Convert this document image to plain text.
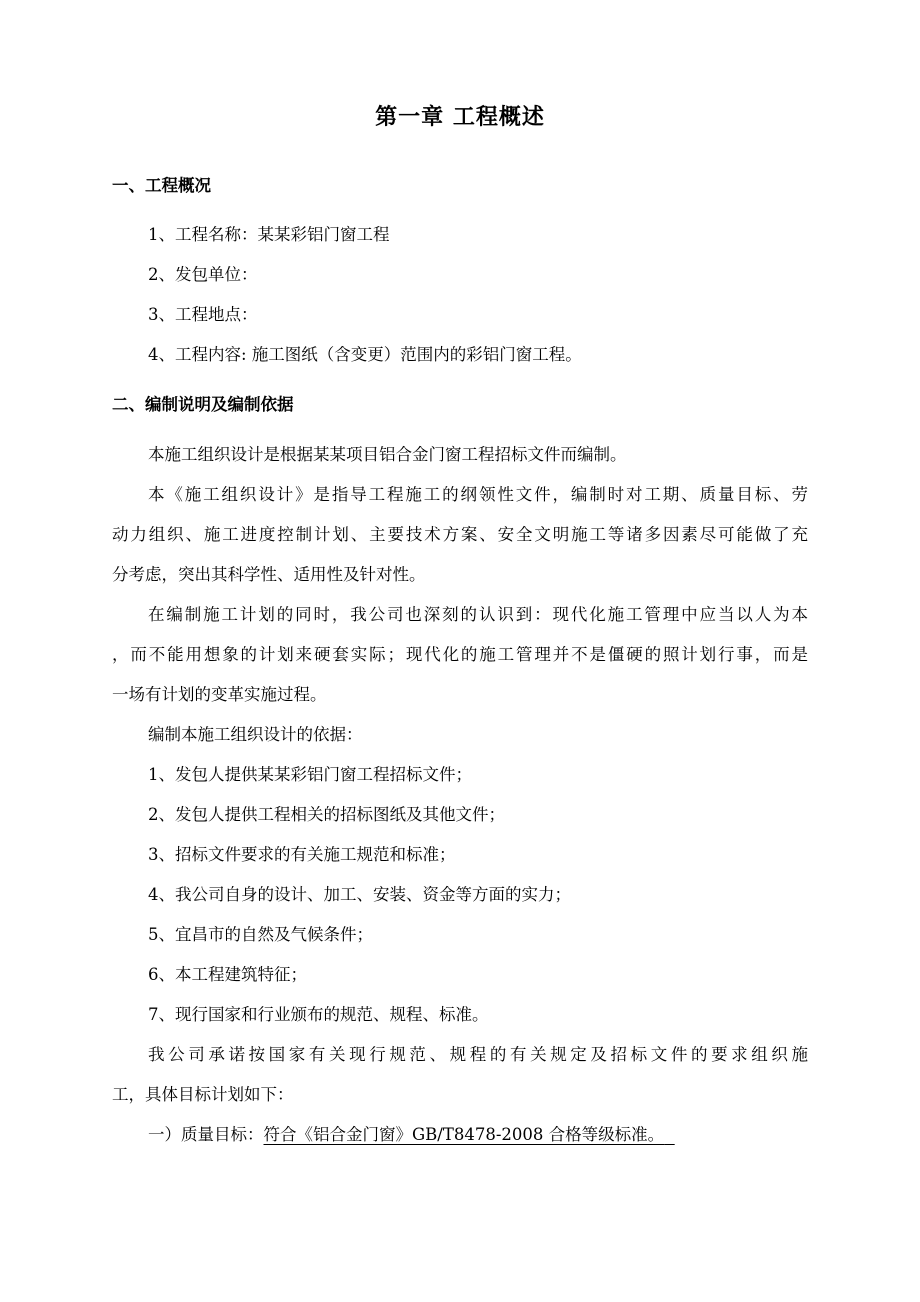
第一章 工程概述
一、工程概况
1、工程名称：某某彩铝门窗工程
2、发包单位：
3、工程地点：
4、工程内容: 施工图纸（含变更）范围内的彩铝门窗工程。
二、编制说明及编制依据
本施工组织设计是根据某某项目铝合金门窗工程招标文件而编制。
本《施工组织设计》是指导工程施工的纲领性文件，编制时对工期、质量目标、劳
动力组织、施工进度控制计划、主要技术方案、安全文明施工等诸多因素尽可能做了充
分考虑，突出其科学性、适用性及针对性。
在编制施工计划的同时，我公司也深刻的认识到：现代化施工管理中应当以人为本
，而不能用想象的计划来硬套实际；现代化的施工管理并不是僵硬的照计划行事，而是
一场有计划的变革实施过程。
编制本施工组织设计的依据：
1、发包人提供某某彩铝门窗工程招标文件；
2、发包人提供工程相关的招标图纸及其他文件；
3、招标文件要求的有关施工规范和标准；
4、我公司自身的设计、加工、安装、资金等方面的实力；
5、宜昌市的自然及气候条件；
6、本工程建筑特征；
7、现行国家和行业颁布的规范、规程、标准。
我公司承诺按国家有关现行规范、规程的有关规定及招标文件的要求组织施
工，具体目标计划如下：
一）质量目标：符合《铝合金门窗》GB/T8478-2008 合格等级标准。
